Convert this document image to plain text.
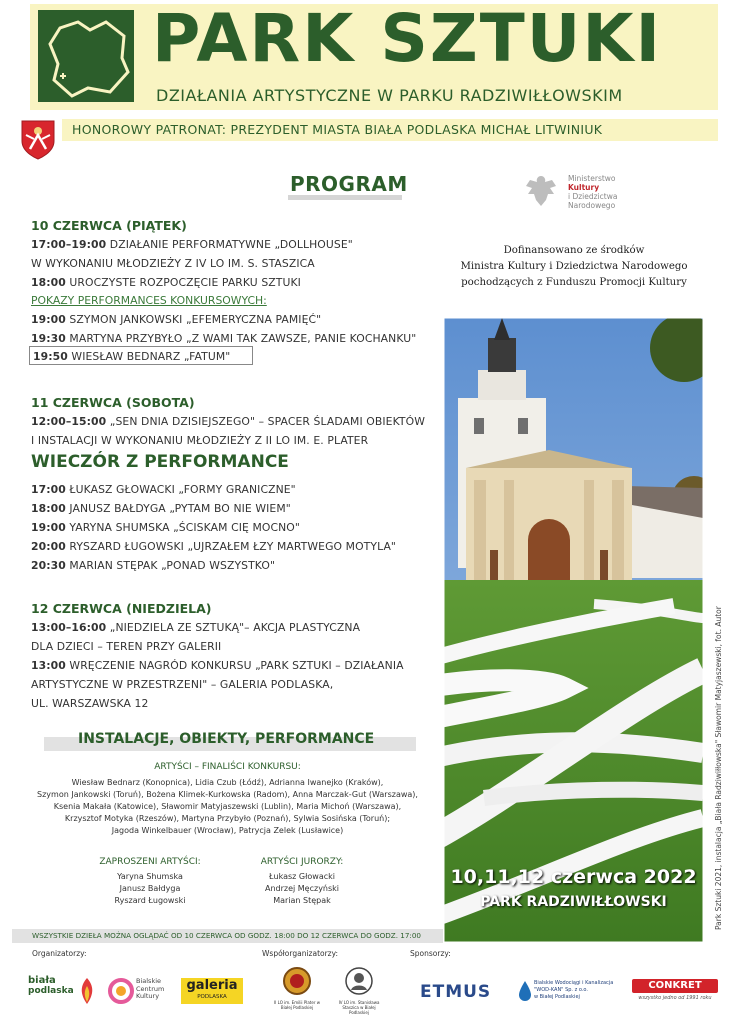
PARK SZTUKI
DZIAŁANIA ARTYSTYCZNE W PARKU RADZIWIŁŁOWSKIM
HONOROWY PATRONAT: PREZYDENT MIASTA BIAŁA PODLASKA MICHAŁ LITWINIUK
PROGRAM
10 CZERWCA (PIĄTEK)
17:00–19:00 DZIAŁANIE PERFORMATYWNE „DOLLHOUSE"
W WYKONANIU MŁODZIEŻY Z IV LO IM. S. STASZICA
18:00 UROCZYSTE ROZPOCZĘCIE PARKU SZTUKI
POKAZY PERFORMANCES KONKURSOWYCH:
19:00 SZYMON JANKOWSKI „EFEMERYCZNA PAMIĘĆ"
19:30 MARTYNA PRZYBYŁO „Z WAMI TAK ZAWSZE, PANIE KOCHANKU"
19:50 WIESŁAW BEDNARZ „FATUM"
11 CZERWCA (SOBOTA)
12:00–15:00 „SEN DNIA DZISIEJSZEGO" – SPACER ŚLADAMI OBIEKTÓW
I INSTALACJI W WYKONANIU MŁODZIEŻY Z II LO IM. E. PLATER
WIECZÓR Z PERFORMANCE
17:00 ŁUKASZ GŁOWACKI „FORMY GRANICZNE"
18:00 JANUSZ BAŁDYGA „PYTAM BO NIE WIEM"
19:00 YARYNA SHUMSKA „ŚCISKAM CIĘ MOCNO"
20:00 RYSZARD ŁUGOWSKI „UJRZAŁEM ŁZY MARTWEGO MOTYLA"
20:30 MARIAN STĘPAK „PONAD WSZYSTKO"
12 CZERWCA (NIEDZIELA)
13:00–16:00 „NIEDZIELA ZE SZTUKĄ"– AKCJA PLASTYCZNA
DLA DZIECI – TEREN PRZY GALERII
13:00 WRĘCZENIE NAGRÓD KONKURSU „PARK SZTUKI – DZIAŁANIA
ARTYSTYCZNE W PRZESTRZENI" – GALERIA PODLASKA,
UL. WARSZAWSKA 12
INSTALACJE, OBIEKTY, PERFORMANCE
ARTYŚCI – FINALIŚCI KONKURSU:
Wiesław Bednarz (Konopnica), Lidia Czub (Łódź), Adrianna Iwanejko (Kraków),
Szymon Jankowski (Toruń), Bożena Klimek-Kurkowska (Radom), Anna Marczak-Gut (Warszawa),
Ksenia Makała (Katowice), Sławomir Matyjaszewski (Lublin), Maria Michoń (Warszawa),
Krzysztof Motyka (Rzeszów), Martyna Przybyło (Poznań), Sylwia Sosińska (Toruń);
Jagoda Winkelbauer (Wrocław), Patrycja Zelek (Lusławice)
ZAPROSZENI ARTYŚCI:
Yaryna Shumska
Janusz Bałdyga
Ryszard Ługowski
ARTYŚCI JURORZY:
Łukasz Głowacki
Andrzej Męczyński
Marian Stępak
WSZYSTKIE DZIEŁA MOŻNA OGLĄDAĆ OD 10 CZERWCA OD GODZ. 18:00 DO 12 CZERWCA DO GODZ. 17:00
Ministerstwo
Kultury
i Dziedzictwa
Narodowego
Dofinansowano ze środków
Ministra Kultury i Dziedzictwa Narodowego
pochodzących z Funduszu Promocji Kultury
10,11,12 czerwca 2022
PARK RADZIWIŁŁOWSKI	Park Sztuki 2021, instalacja „Biała Radziwiłłowska" Sławomir Matyjaszewski, fot. Autor
Organizatorzy:	Współorganizatorzy:	Sponsorzy:
biała
podlaska
Bialskie
Centrum
Kultury
galeria
PODLASKA
II LO im. Emilii Plater w Białej Podlaskiej
IV LO im. Stanisława Staszica w Białej Podlaskiej
ETMUS	Bialskie Wodociągi i Kanalizacja
"WOD-KAN" Sp. z o.o.
w Białej Podlaskiej
CONKRET
wszystko jedno od 1991 roku
